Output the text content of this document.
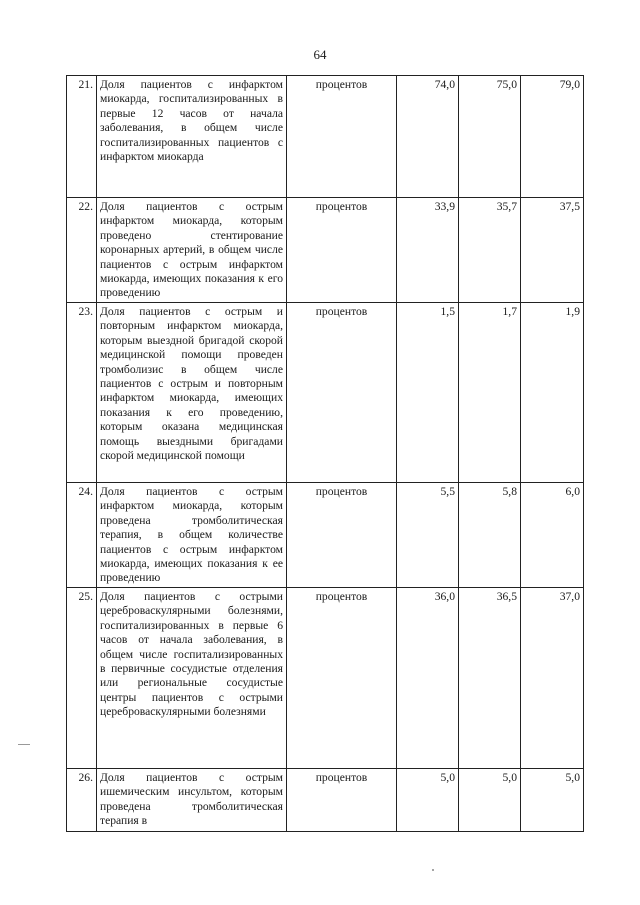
64
21.	Доля пациентов с инфарктом миокарда, госпитализированных в первые 12 часов от начала заболевания, в общем числе госпитализированных пациентов с инфарктом миокарда	процентов	74,0	75,0	79,0
22.	Доля пациентов с острым инфарктом миокарда, которым проведено стентирование коронарных артерий, в общем числе пациентов с острым инфарктом миокарда, имеющих показания к его проведению	процентов	33,9	35,7	37,5
23.	Доля пациентов с острым и повторным инфарктом миокарда, которым выездной бригадой скорой медицинской помощи проведен тромболизис в общем числе пациентов с острым и повторным инфарктом миокарда, имеющих показания к его проведению, которым оказана медицинская помощь выездными бригадами скорой медицинской помощи	процентов	1,5	1,7	1,9
24.	Доля пациентов с острым инфарктом миокарда, которым проведена тромболитическая терапия, в общем количестве пациентов с острым инфарктом миокарда, имеющих показания к ее проведению	процентов	5,5	5,8	6,0
25.	Доля пациентов с острыми цереброваскулярными болезнями, госпитализированных в первые 6 часов от начала заболевания, в общем числе госпитализированных в первичные сосудистые отделения или региональные сосудистые центры пациентов с острыми цереброваскулярными болезнями	процентов	36,0	36,5	37,0
26.	Доля пациентов с острым ишемическим инсультом, которым проведена тромболитическая терапия в	процентов	5,0	5,0	5,0
